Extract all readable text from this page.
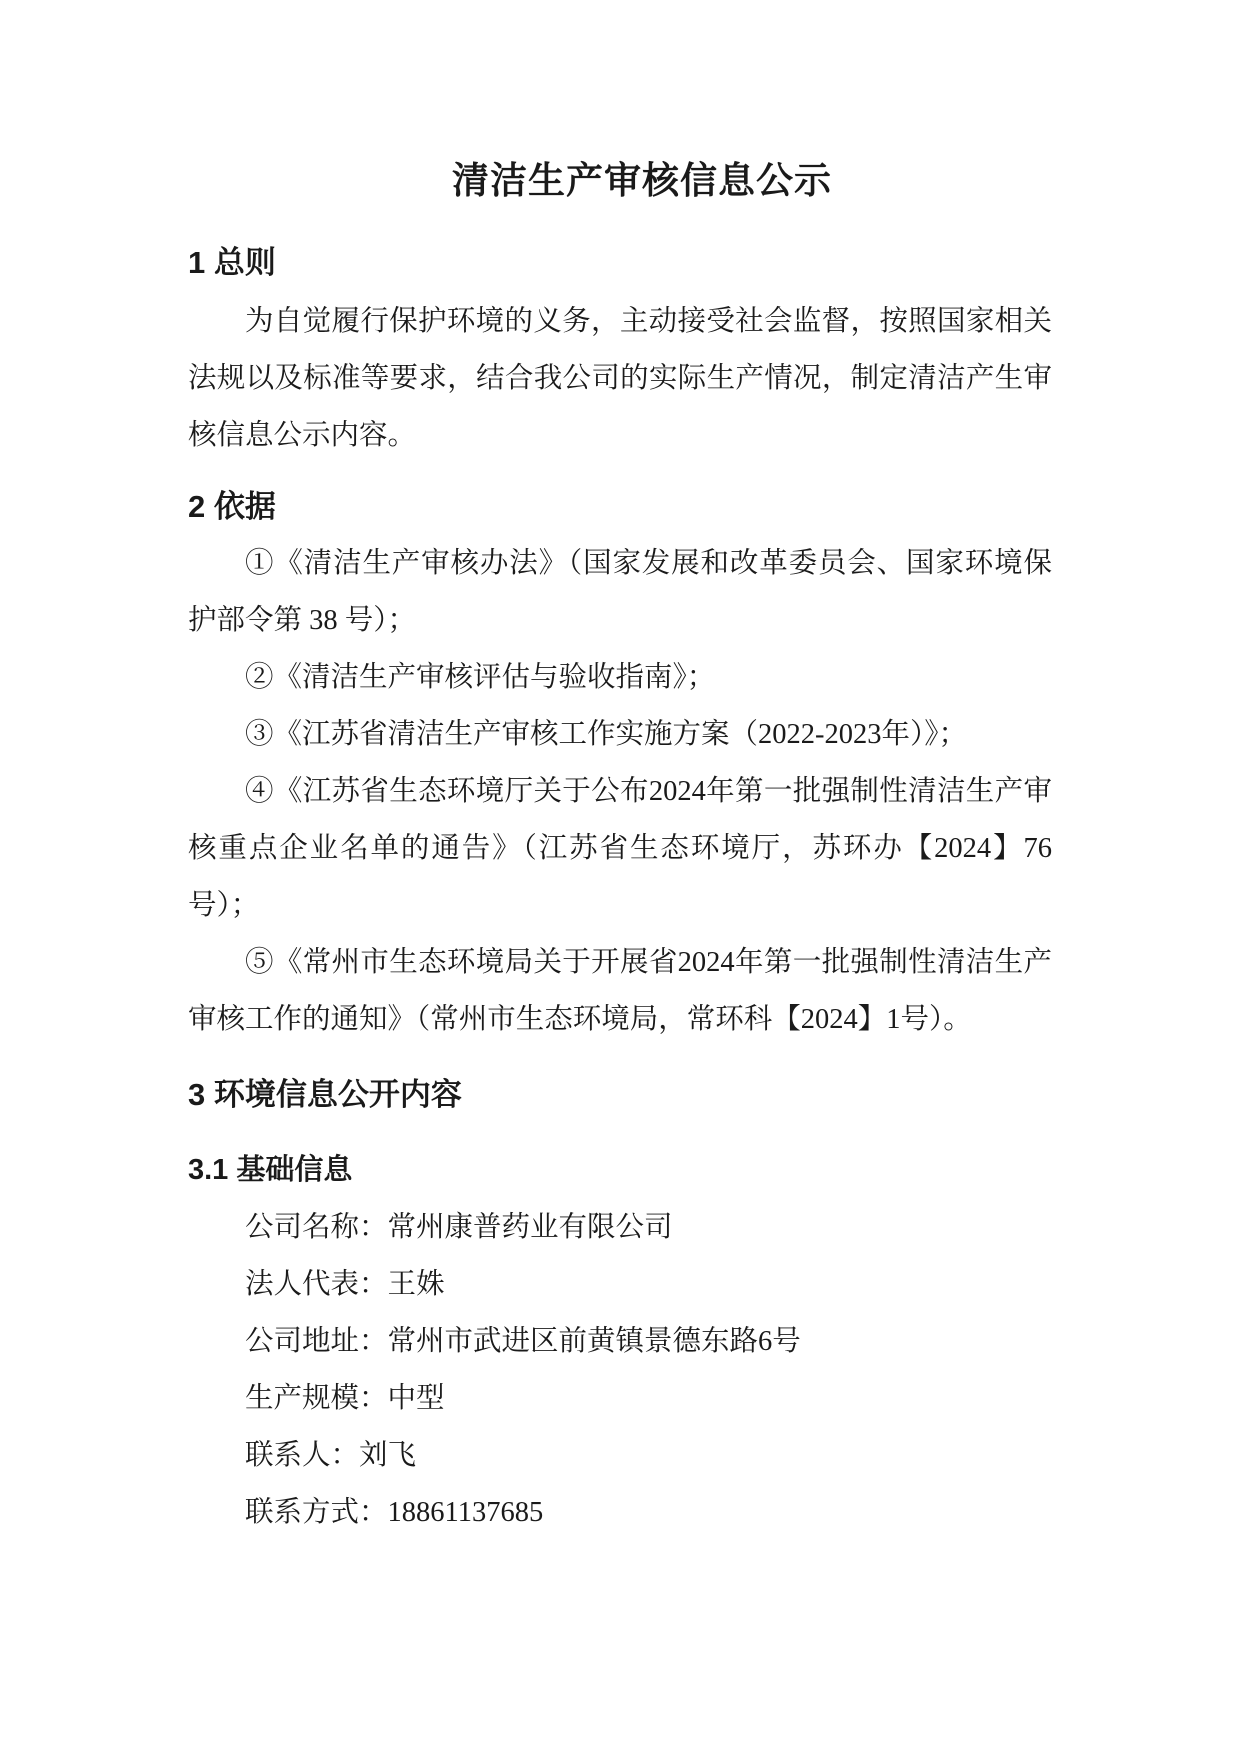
清洁生产审核信息公示
1 总则
为自觉履行保护环境的义务，主动接受社会监督，按照国家相关
法规以及标准等要求，结合我公司的实际生产情况，制定清洁产生审
核信息公示内容。
2 依据
①《清洁生产审核办法》（国家发展和改革委员会、国家环境保
护部令第 38 号）；
②《清洁生产审核评估与验收指南》；
③《江苏省清洁生产审核工作实施方案（2022-2023年）》；
④《江苏省生态环境厅关于公布2024年第一批强制性清洁生产审
核重点企业名单的通告》（江苏省生态环境厅，苏环办【2024】76
号）；
⑤《常州市生态环境局关于开展省2024年第一批强制性清洁生产
审核工作的通知》（常州市生态环境局，常环科【2024】1号）。
3 环境信息公开内容
3.1 基础信息
公司名称：常州康普药业有限公司
法人代表：王姝
公司地址：常州市武进区前黄镇景德东路6号
生产规模：中型
联系人：刘飞
联系方式：18861137685
